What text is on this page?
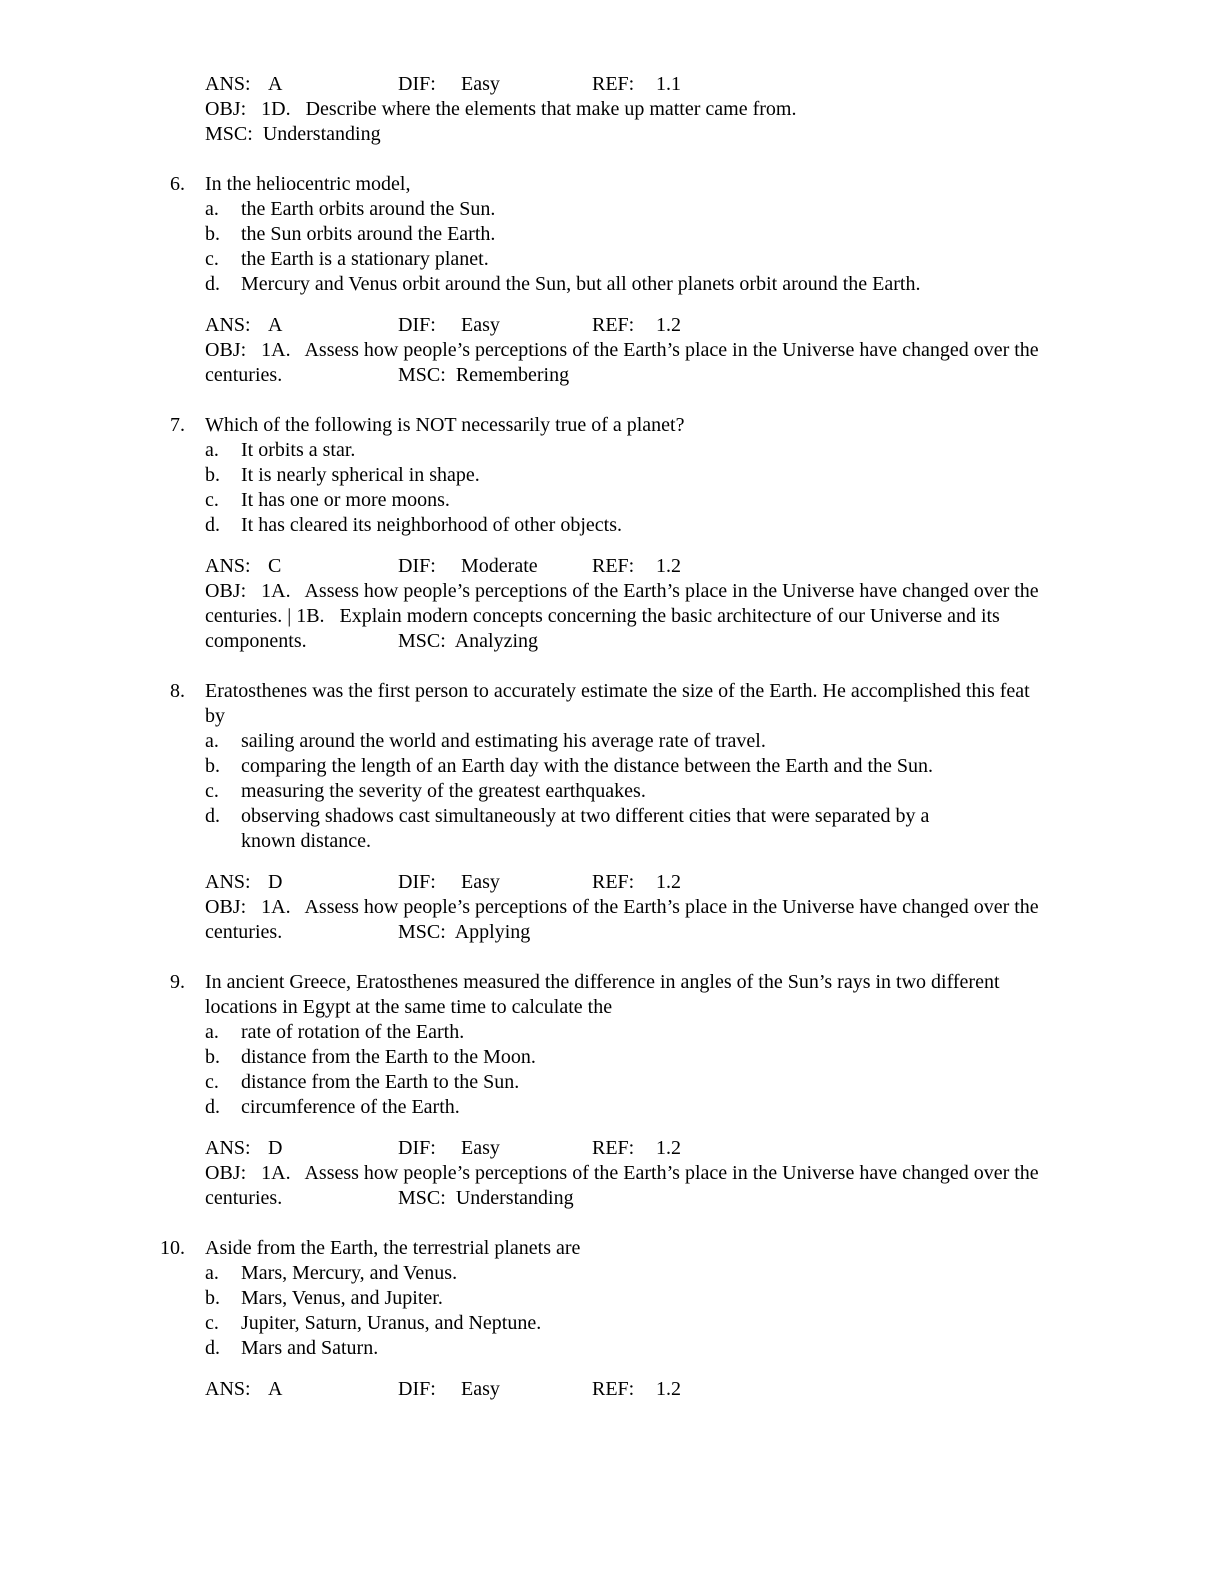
ANS: A	DIF: Easy	REF: 1.1
OBJ: 1D.   Describe where the elements that make up matter came from.
MSC: Understanding
6. In the heliocentric model,
a. the Earth orbits around the Sun.
b. the Sun orbits around the Earth.
c. the Earth is a stationary planet.
d. Mercury and Venus orbit around the Sun, but all other planets orbit around the Earth.
ANS: A	DIF: Easy	REF: 1.2
OBJ: 1A.   Assess how people’s perceptions of the Earth’s place in the Universe have changed over the
centuries.	MSC: Remembering
7. Which of the following is NOT necessarily true of a planet?
a. It orbits a star.
b. It is nearly spherical in shape.
c. It has one or more moons.
d. It has cleared its neighborhood of other objects.
ANS: C	DIF: Moderate	REF: 1.2
OBJ: 1A.   Assess how people’s perceptions of the Earth’s place in the Universe have changed over the
centuries. | 1B.   Explain modern concepts concerning the basic architecture of our Universe and its
components.	MSC: Analyzing
8. Eratosthenes was the first person to accurately estimate the size of the Earth. He accomplished this feat
by
a. sailing around the world and estimating his average rate of travel.
b. comparing the length of an Earth day with the distance between the Earth and the Sun.
c. measuring the severity of the greatest earthquakes.
d. observing shadows cast simultaneously at two different cities that were separated by a
known distance.
ANS: D	DIF: Easy	REF: 1.2
OBJ: 1A.   Assess how people’s perceptions of the Earth’s place in the Universe have changed over the
centuries.	MSC: Applying
9. In ancient Greece, Eratosthenes measured the difference in angles of the Sun’s rays in two different
locations in Egypt at the same time to calculate the
a. rate of rotation of the Earth.
b. distance from the Earth to the Moon.
c. distance from the Earth to the Sun.
d. circumference of the Earth.
ANS: D	DIF: Easy	REF: 1.2
OBJ: 1A.   Assess how people’s perceptions of the Earth’s place in the Universe have changed over the
centuries.	MSC: Understanding
10. Aside from the Earth, the terrestrial planets are
a. Mars, Mercury, and Venus.
b. Mars, Venus, and Jupiter.
c. Jupiter, Saturn, Uranus, and Neptune.
d. Mars and Saturn.
ANS: A	DIF: Easy	REF: 1.2
